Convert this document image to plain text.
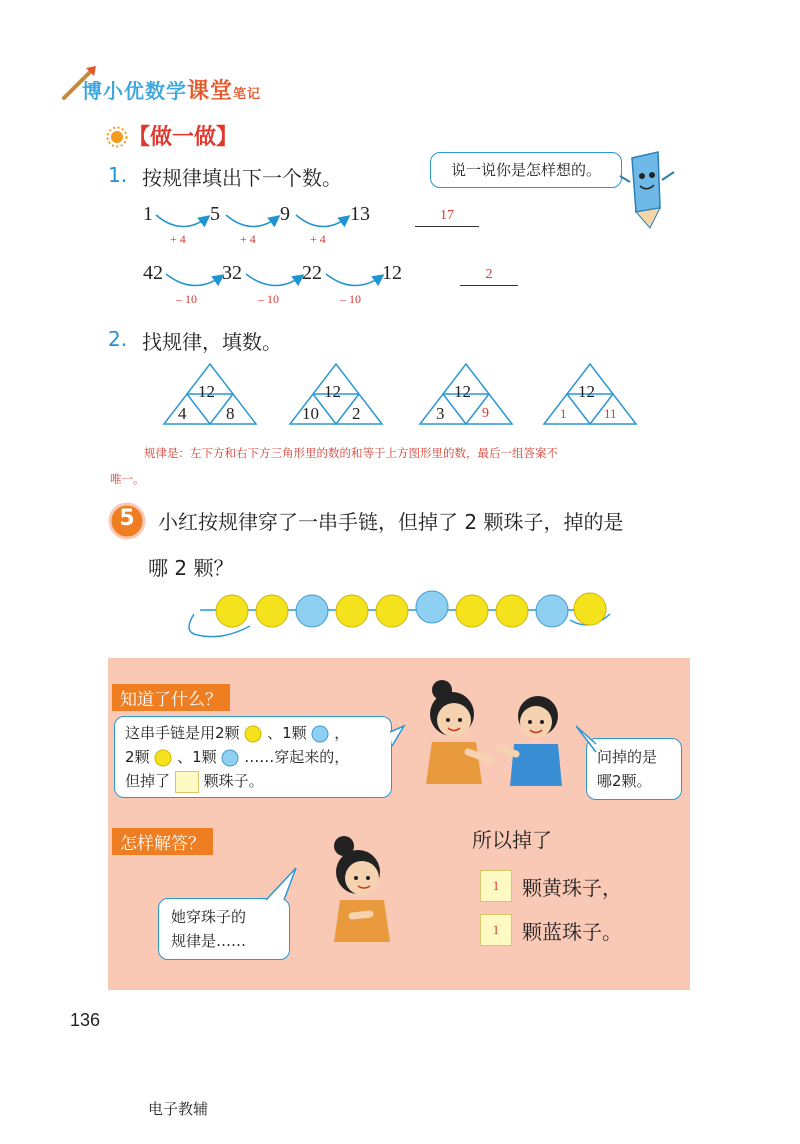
博小优数学课堂笔记
【做一做】
1. 按规律填出下一个数。	说一说你是怎样想的。
1	5	9	13
+ 4	+ 4	+ 4
17
42	32	22	12
– 10	– 10	– 10
2
2. 找规律，填数。
12
4 8
12
10 2
12
3	9
12
1	11
规律是：左下方和右下方三角形里的数的和等于上方图形里的数，最后一组答案不
唯一。
5	小红按规律穿了一串手链，但掉了 2 颗珠子，掉的是
哪 2 颗？
知道了什么？
这串手链是用2颗 、1颗 ，
2颗 、1颗 ……穿起来的，
但掉了 颗珠子。
问掉的是
哪2颗。
怎样解答？
她穿珠子的
规律是……
所以掉了
1	颗黄珠子，
1	颗蓝珠子。
136
电子教辅
